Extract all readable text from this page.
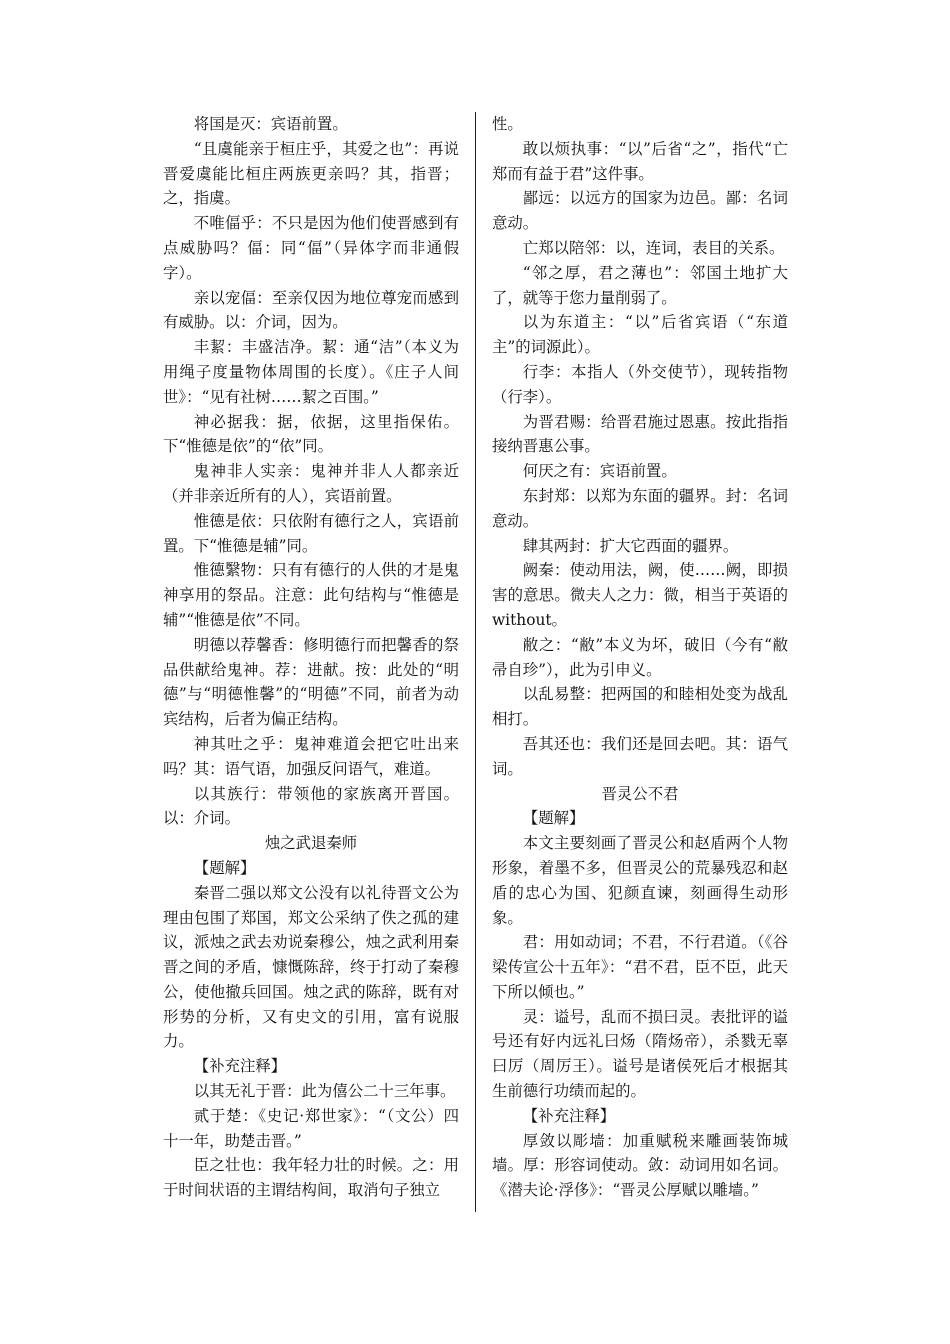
将国是灭：宾语前置。

“且虞能亲于桓庄乎，其爱之也”：再说晋爱虞能比桓庄两族更亲吗？其，指晋；之，指虞。

不唯偪乎：不只是因为他们使晋感到有点威胁吗？偪：同“偪”（异体字而非通假字）。

亲以宠偪：至亲仅因为地位尊宠而感到有威胁。以：介词，因为。

丰絜：丰盛洁净。絜：通“洁”（本义为用绳子度量物体周围的长度）。《庄子人间世》：“见有社树……絜之百围。”

神必据我：据，依据，这里指保佑。下“惟德是依”的“依”同。

鬼神非人实亲：鬼神并非人人都亲近（并非亲近所有的人），宾语前置。

惟德是依：只依附有德行之人，宾语前置。下“惟德是辅”同。

惟德繄物：只有有德行的人供的才是鬼神享用的祭品。注意：此句结构与“惟德是辅”“惟德是依”不同。

明德以荐馨香：修明德行而把馨香的祭品供献给鬼神。荐：进献。按：此处的“明德”与“明德惟馨”的“明德”不同，前者为动宾结构，后者为偏正结构。

神其吐之乎：鬼神难道会把它吐出来吗？其：语气语，加强反问语气，难道。

以其族行：带领他的家族离开晋国。以：介词。

烛之武退秦师

【题解】

秦晋二强以郑文公没有以礼待晋文公为理由包围了郑国，郑文公采纳了佚之孤的建议，派烛之武去劝说秦穆公，烛之武利用秦晋之间的矛盾，慷慨陈辞，终于打动了秦穆公，使他撤兵回国。烛之武的陈辞，既有对形势的分析，又有史文的引用，富有说服力。

【补充注释】

以其无礼于晋：此为僖公二十三年事。

贰于楚：《史记·郑世家》：“（文公）四十一年，助楚击晋。”

臣之壮也：我年轻力壮的时候。之：用于时间状语的主谓结构间，取消句子独立

性。

敢以烦执事：“以”后省“之”，指代“亡郑而有益于君”这件事。

鄙远：以远方的国家为边邑。鄙：名词意动。

亡郑以陪邻：以，连词，表目的关系。

“邻之厚，君之薄也”：邻国土地扩大了，就等于您力量削弱了。

以为东道主：“以”后省宾语（“东道主”的词源此）。

行李：本指人（外交使节），现转指物（行李）。

为晋君赐：给晋君施过恩惠。按此指指接纳晋惠公事。

何厌之有：宾语前置。

东封郑：以郑为东面的疆界。封：名词意动。

肆其两封：扩大它西面的疆界。

阙秦：使动用法，阙，使……阙，即损害的意思。微夫人之力：微，相当于英语的without。

敝之：“敝”本义为坏，破旧（今有“敝帚自珍”），此为引申义。

以乱易整：把两国的和睦相处变为战乱相打。

吾其还也：我们还是回去吧。其：语气词。

晋灵公不君

【题解】

本文主要刻画了晋灵公和赵盾两个人物形象，着墨不多，但晋灵公的荒暴残忍和赵盾的忠心为国、犯颜直谏，刻画得生动形象。

君：用如动词；不君，不行君道。（《谷梁传宣公十五年》：“君不君，臣不臣，此天下所以倾也。”

灵：谥号，乱而不损曰灵。表批评的谥号还有好内远礼曰炀（隋炀帝），杀戮无辜曰厉（周厉王）。谥号是诸侯死后才根据其生前德行功绩而起的。

【补充注释】

厚敛以彫墙：加重赋税来雕画装饰城墙。厚：形容词使动。敛：动词用如名词。《潜夫论·浮侈》：“晋灵公厚赋以雕墙。”
